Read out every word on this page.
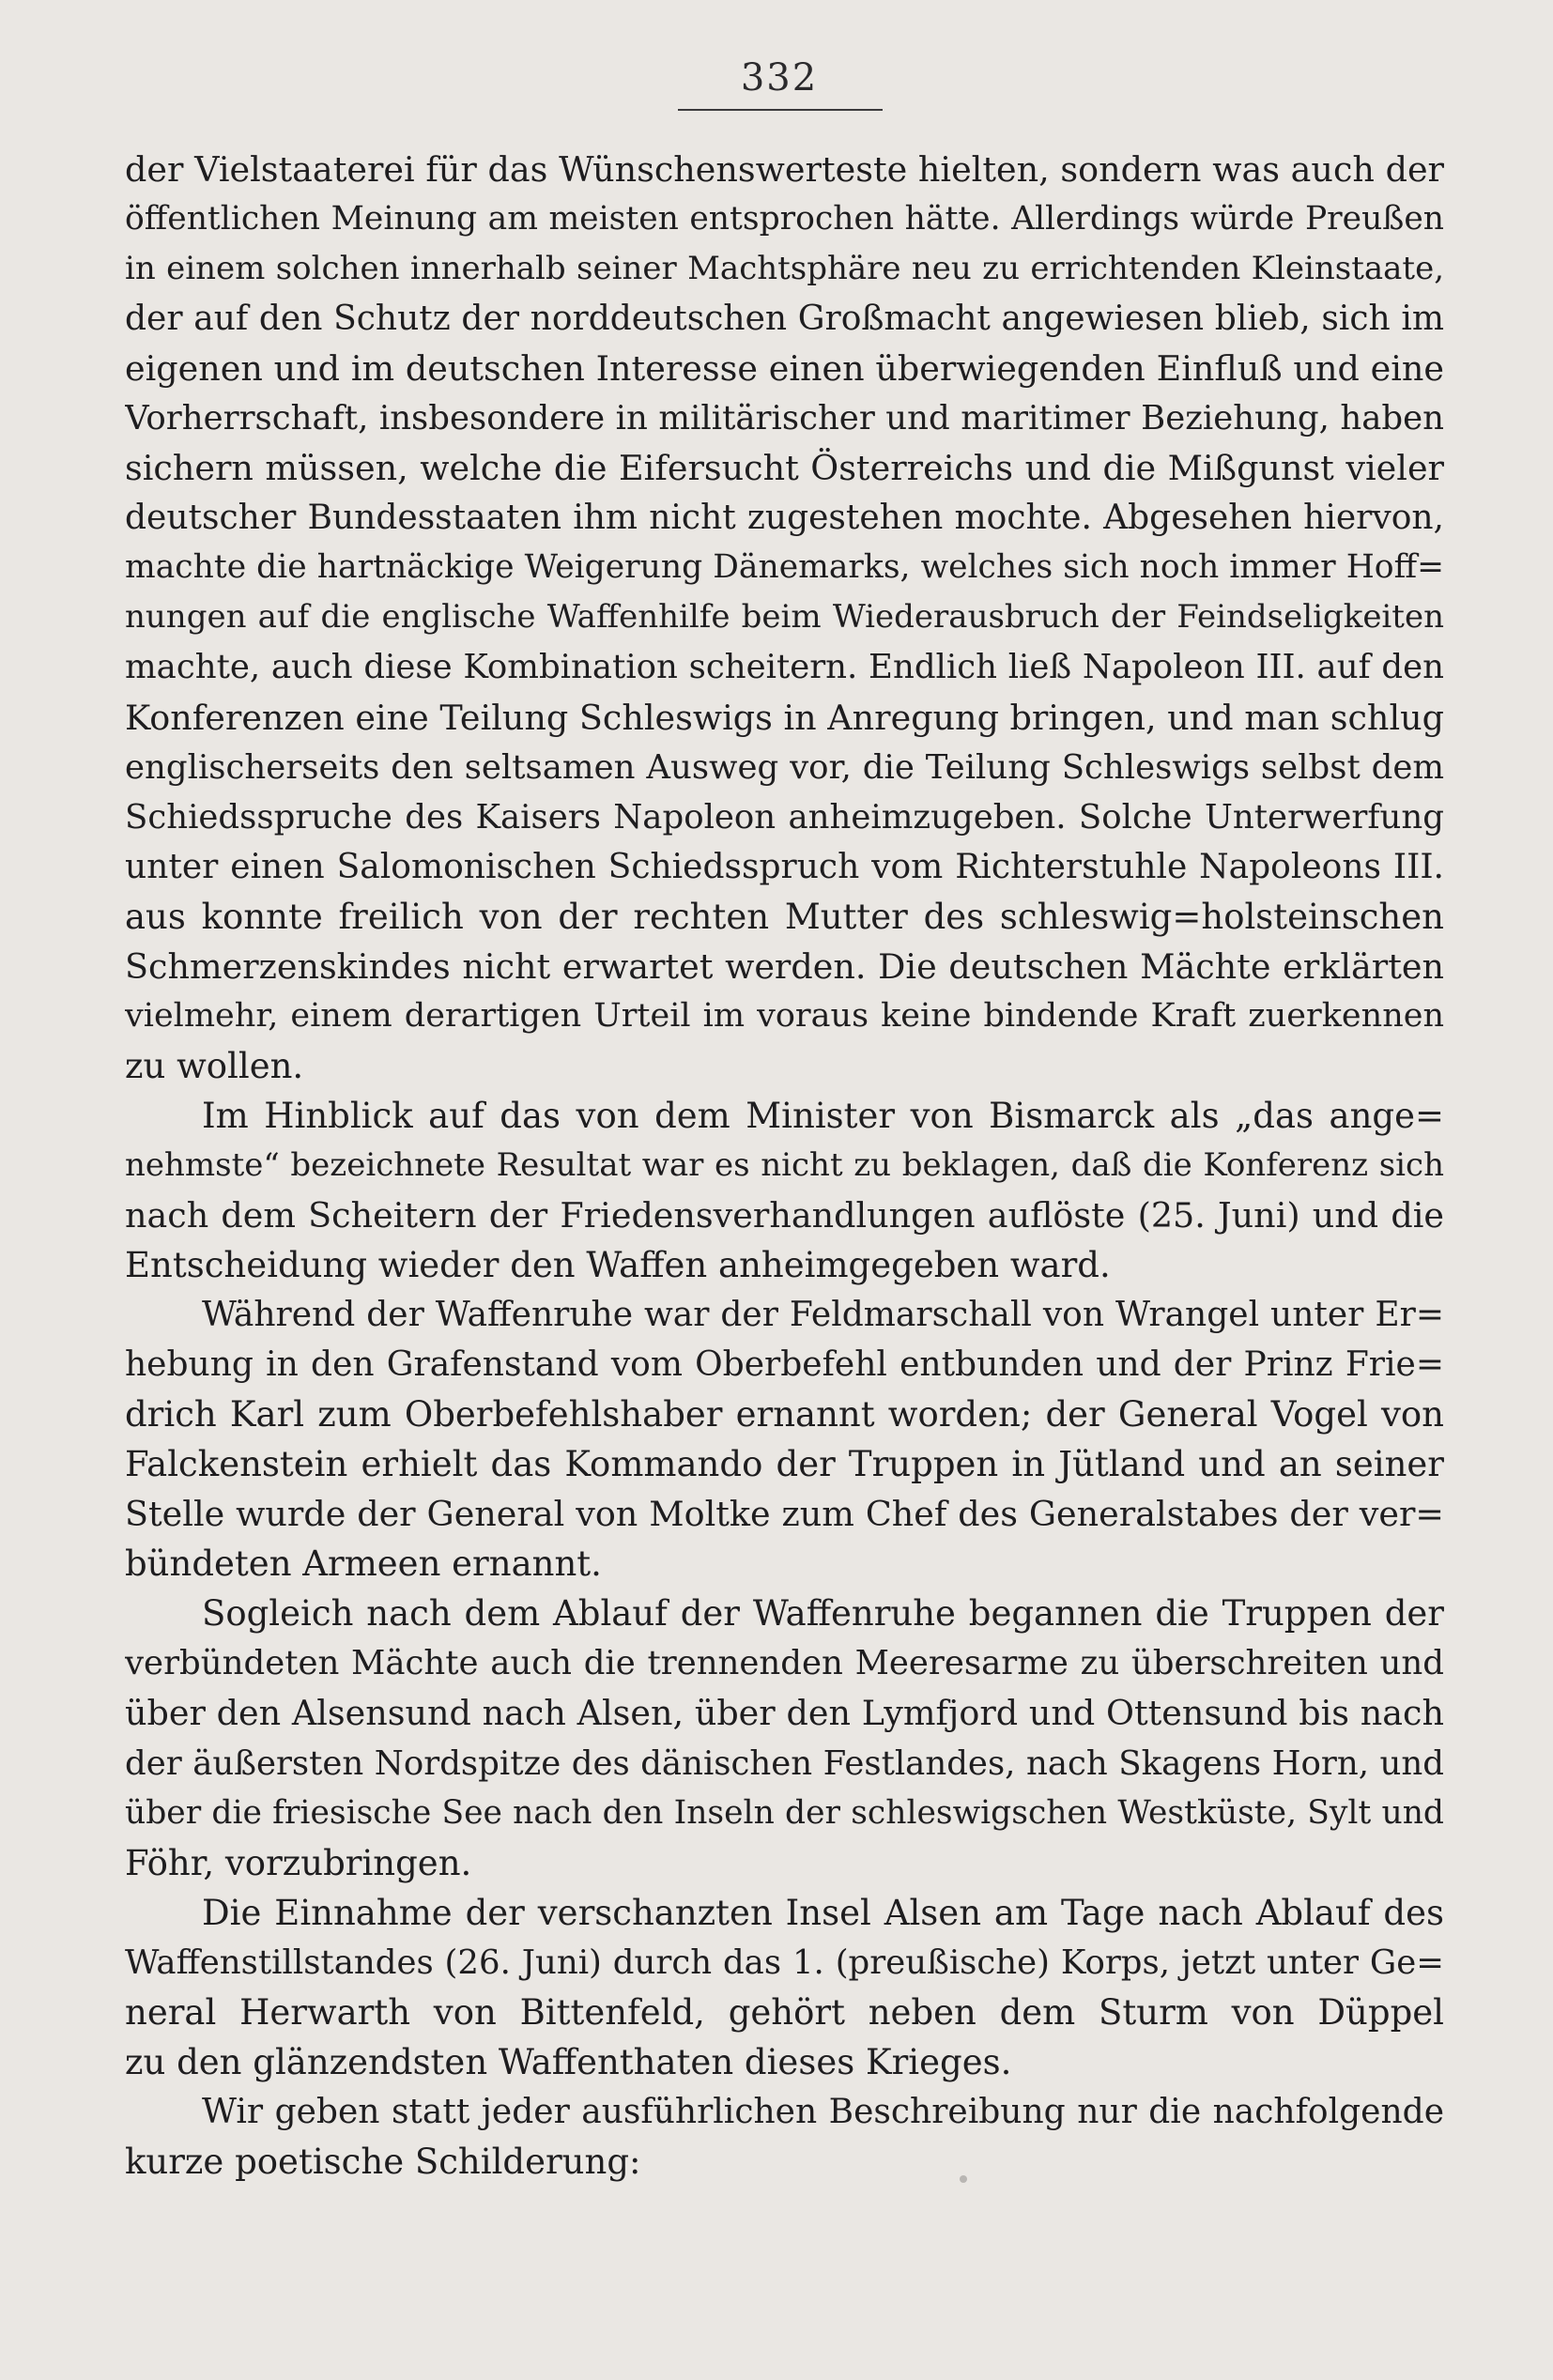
332
der Vielstaaterei für das Wünschenswerteste hielten, sondern was auch der
öffentlichen Meinung am meisten entsprochen hätte. Allerdings würde Preußen
in einem solchen innerhalb seiner Machtsphäre neu zu errichtenden Kleinstaate,
der auf den Schutz der norddeutschen Großmacht angewiesen blieb, sich im
eigenen und im deutschen Interesse einen überwiegenden Einfluß und eine
Vorherrschaft, insbesondere in militärischer und maritimer Beziehung, haben
sichern müssen, welche die Eifersucht Österreichs und die Mißgunst vieler
deutscher Bundesstaaten ihm nicht zugestehen mochte. Abgesehen hiervon,
machte die hartnäckige Weigerung Dänemarks, welches sich noch immer Hoff=
nungen auf die englische Waffenhilfe beim Wiederausbruch der Feindseligkeiten
machte, auch diese Kombination scheitern. Endlich ließ Napoleon III. auf den
Konferenzen eine Teilung Schleswigs in Anregung bringen, und man schlug
englischerseits den seltsamen Ausweg vor, die Teilung Schleswigs selbst dem
Schiedsspruche des Kaisers Napoleon anheimzugeben. Solche Unterwerfung
unter einen Salomonischen Schiedsspruch vom Richterstuhle Napoleons III.
aus konnte freilich von der rechten Mutter des schleswig=holsteinschen
Schmerzenskindes nicht erwartet werden. Die deutschen Mächte erklärten
vielmehr, einem derartigen Urteil im voraus keine bindende Kraft zuerkennen
zu wollen.
Im Hinblick auf das von dem Minister von Bismarck als „das ange=
nehmste“ bezeichnete Resultat war es nicht zu beklagen, daß die Konferenz sich
nach dem Scheitern der Friedensverhandlungen auflöste (25. Juni) und die
Entscheidung wieder den Waffen anheimgegeben ward.
Während der Waffenruhe war der Feldmarschall von Wrangel unter Er=
hebung in den Grafenstand vom Oberbefehl entbunden und der Prinz Frie=
drich Karl zum Oberbefehlshaber ernannt worden; der General Vogel von
Falckenstein erhielt das Kommando der Truppen in Jütland und an seiner
Stelle wurde der General von Moltke zum Chef des Generalstabes der ver=
bündeten Armeen ernannt.
Sogleich nach dem Ablauf der Waffenruhe begannen die Truppen der
verbündeten Mächte auch die trennenden Meeresarme zu überschreiten und
über den Alsensund nach Alsen, über den Lymfjord und Ottensund bis nach
der äußersten Nordspitze des dänischen Festlandes, nach Skagens Horn, und
über die friesische See nach den Inseln der schleswigschen Westküste, Sylt und
Föhr, vorzubringen.
Die Einnahme der verschanzten Insel Alsen am Tage nach Ablauf des
Waffenstillstandes (26. Juni) durch das 1. (preußische) Korps, jetzt unter Ge=
neral Herwarth von Bittenfeld, gehört neben dem Sturm von Düppel
zu den glänzendsten Waffenthaten dieses Krieges.
Wir geben statt jeder ausführlichen Beschreibung nur die nachfolgende
kurze poetische Schilderung:
